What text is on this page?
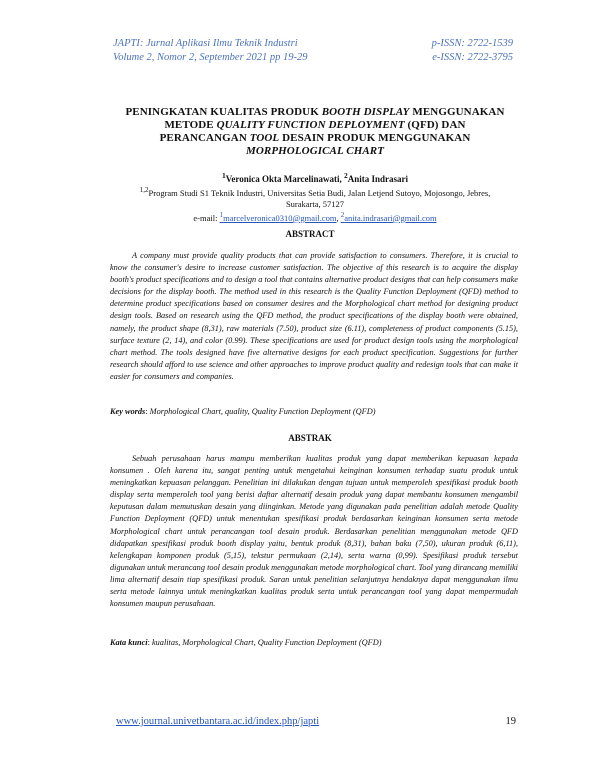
JAPTI: Jurnal Aplikasi Ilmu Teknik Industri	p-ISSN: 2722-1539
Volume 2, Nomor 2, September 2021 pp 19-29	e-ISSN: 2722-3795
PENINGKATAN KUALITAS PRODUK BOOTH DISPLAY MENGGUNAKAN
METODE QUALITY FUNCTION DEPLOYMENT (QFD) DAN
PERANCANGAN TOOL DESAIN PRODUK MENGGUNAKAN
MORPHOLOGICAL CHART
$^1$Veronica Okta Marcelinawati, $^2$Anita Indrasari
$^{1,2}$Program Studi S1 Teknik Industri, Universitas Setia Budi, Jalan Letjend Sutoyo, Mojosongo, Jebres,
Surakarta, 57127
e-mail: $^1$marcelveronica0310@gmail.com, $^2$anita.indrasari@gmail.com
ABSTRACT

A company must provide quality products that can provide satisfaction to consumers. Therefore, it is crucial to know the consumer's desire to increase customer satisfaction. The objective of this research is to acquire the display booth's product specifications and to design a tool that contains alternative product designs that can help consumers make decisions for the display booth. The method used in this research is the Quality Function Deployment (QFD) method to determine product specifications based on consumer desires and the Morphological chart method for designing product design tools. Based on research using the QFD method, the product specifications of the display booth were obtained, namely, the product shape (8,31), raw materials (7.50), product size (6.11), completeness of product components (5.15), surface texture (2, 14), and color (0.99). These specifications are used for product design tools using the morphological chart method. The tools designed have five alternative designs for each product specification. Suggestions for further research should afford to use science and other approaches to improve product quality and redesign tools that can make it easier for consumers and companies.

Key words: Morphological Chart, quality, Quality Function Deployment (QFD)
ABSTRAK

Sebuah perusahaan harus mampu memberikan kualitas produk yang dapat memberikan kepuasan kepada konsumen . Oleh karena itu, sangat penting untuk mengetahui keinginan konsumen terhadap suatu produk untuk meningkatkan kepuasan pelanggan. Penelitian ini dilakukan dengan tujuan untuk memperoleh spesifikasi produk booth display serta memperoleh tool yang berisi daftar alternatif desain produk yang dapat membantu konsumen mengambil keputusan dalam memutuskan desain yang diinginkan. Metode yang digunakan pada penelitian adalah metode Quality Function Deployment (QFD) untuk menentukan spesifikasi produk berdasarkan keinginan konsumen serta metode Morphological chart untuk perancangan tool desain produk. Berdasarkan penelitian menggunakan metode QFD didapatkan spesifikasi produk booth display yaitu, bentuk produk (8,31), bahan baku (7,50), ukuran produk (6,11), kelengkapan komponen produk (5,15), tekstur permukaan (2,14), serta warna (0,99). Spesifikasi produk tersebut digunakan untuk merancang tool desain produk menggunakan metode morphological chart. Tool yang dirancang memiliki lima alternatif desain tiap spesifikasi produk. Saran untuk penelitian selanjutnya hendaknya dapat menggunakan ilmu serta metode lainnya untuk meningkatkan kualitas produk serta untuk perancangan tool yang dapat mempermudah konsumen maupun perusahaan.

Kata kunci: kualitas, Morphological Chart, Quality Function Deployment (QFD)
www.journal.univetbantara.ac.id/index.php/japti	19
